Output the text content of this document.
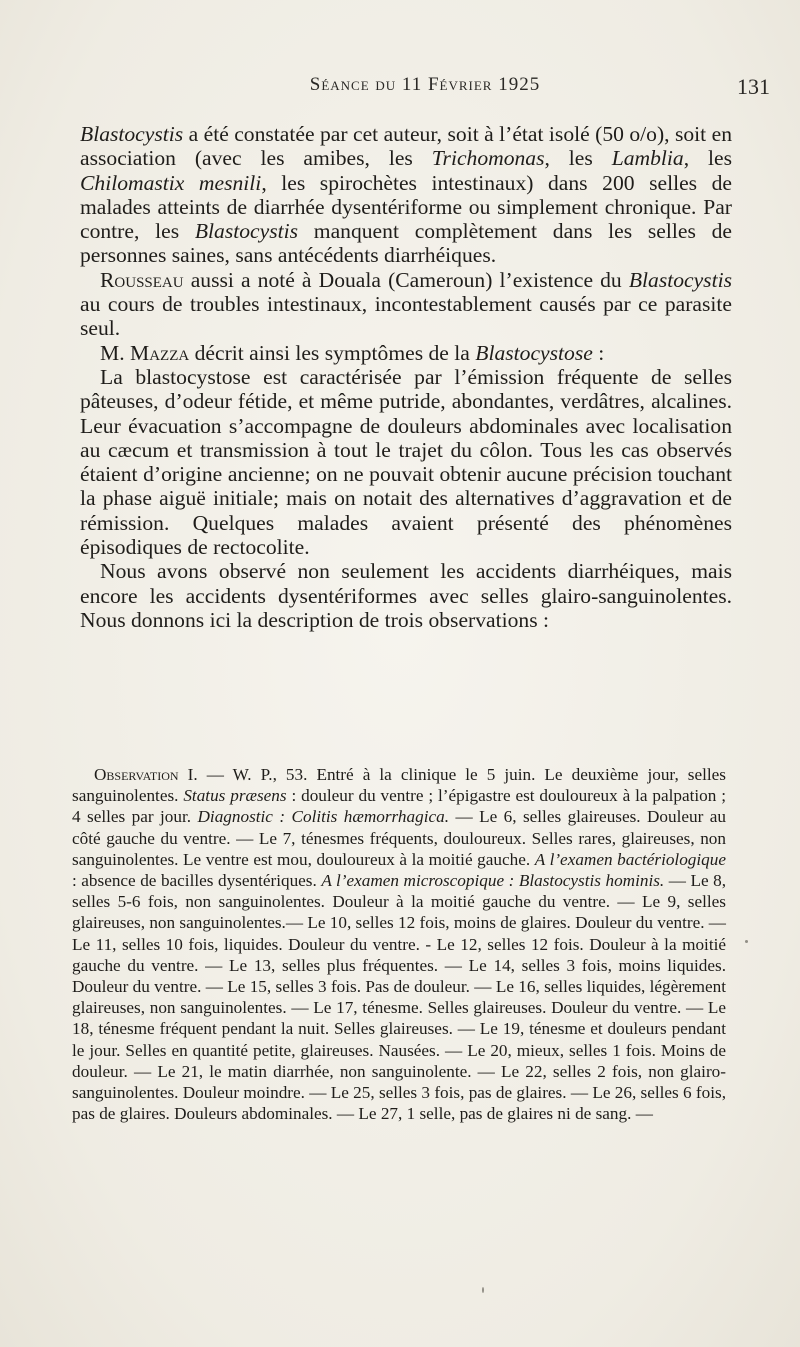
Séance du 11 Février 1925	131

Blastocystis a été constatée par cet auteur, soit à l’état isolé (50 o/o), soit en association (avec les amibes, les Trichomonas, les Lamblia, les Chilomastix mesnili, les spirochètes intestinaux) dans 200 selles de malades atteints de diarrhée dysentériforme ou simplement chronique. Par contre, les Blastocystis manquent complètement dans les selles de personnes saines, sans antécédents diarrhéiques.

Rousseau aussi a noté à Douala (Cameroun) l’existence du Blastocystis au cours de troubles intestinaux, incontestablement causés par ce parasite seul.

M. Mazza décrit ainsi les symptômes de la Blastocystose :

La blastocystose est caractérisée par l’émission fréquente de selles pâteuses, d’odeur fétide, et même putride, abondantes, verdâtres, alcalines. Leur évacuation s’accompagne de douleurs abdominales avec localisation au cæcum et transmission à tout le trajet du côlon. Tous les cas observés étaient d’origine ancienne; on ne pouvait obtenir aucune précision touchant la phase aiguë initiale; mais on notait des alternatives d’aggravation et de rémission. Quelques malades avaient présenté des phénomènes épisodiques de rectocolite.

Nous avons observé non seulement les accidents diarrhéiques, mais encore les accidents dysentériformes avec selles glairo-sanguinolentes. Nous donnons ici la description de trois observations :

Observation I. — W. P., 53. Entré à la clinique le 5 juin. Le deuxième jour, selles sanguinolentes. Status præsens : douleur du ventre ; l’épigastre est douloureux à la palpation ; 4 selles par jour. Diagnostic : Colitis hæmorrhagica. — Le 6, selles glaireuses. Douleur au côté gauche du ventre. — Le 7, ténesmes fréquents, douloureux. Selles rares, glaireuses, non sanguinolentes. Le ventre est mou, douloureux à la moitié gauche. A l’examen bactériologique : absence de bacilles dysentériques. A l’examen microscopique : Blastocystis hominis. — Le 8, selles 5-6 fois, non sanguinolentes. Douleur à la moitié gauche du ventre. — Le 9, selles glaireuses, non sanguinolentes.— Le 10, selles 12 fois, moins de glaires. Douleur du ventre. — Le 11, selles 10 fois, liquides. Douleur du ventre. - Le 12, selles 12 fois. Douleur à la moitié gauche du ventre. — Le 13, selles plus fréquentes. — Le 14, selles 3 fois, moins liquides. Douleur du ventre. — Le 15, selles 3 fois. Pas de douleur. — Le 16, selles liquides, légèrement glaireuses, non sanguinolentes. — Le 17, ténesme. Selles glaireuses. Douleur du ventre. — Le 18, ténesme fréquent pendant la nuit. Selles glaireuses. — Le 19, ténesme et douleurs pendant le jour. Selles en quantité petite, glaireuses. Nausées. — Le 20, mieux, selles 1 fois. Moins de douleur. — Le 21, le matin diarrhée, non sanguinolente. — Le 22, selles 2 fois, non glairo-sanguinolentes. Douleur moindre. — Le 25, selles 3 fois, pas de glaires. — Le 26, selles 6 fois, pas de glaires. Douleurs abdominales. — Le 27, 1 selle, pas de glaires ni de sang. —
